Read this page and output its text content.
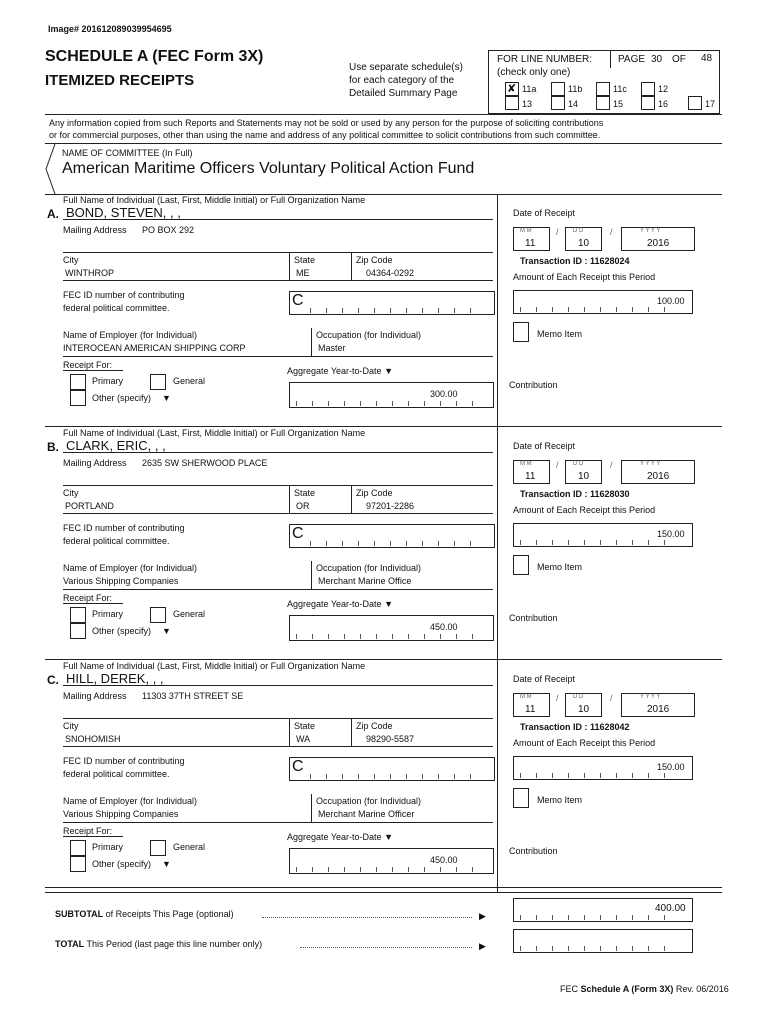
Image# 201612089039954695
SCHEDULE A (FEC Form 3X)
ITEMIZED RECEIPTS
Use separate schedule(s)
for each category of the
Detailed Summary Page
FOR LINE NUMBER:
(check only one)
PAGE 30 OF 48
✘ 11a	11b	11c	12
13	14	15	16	17
Any information copied from such Reports and Statements may not be sold or used by any person for the purpose of soliciting contributions
or for commercial purposes, other than using the name and address of any political committee to solicit contributions from such committee.
NAME OF COMMITTEE (In Full)
American Maritime Officers Voluntary Political Action Fund
Full Name of Individual (Last, First, Middle Initial) or Full Organization Name
A. BOND, STEVEN, , ,
Mailing Address PO BOX 292
City
WINTHROP
State
ME
Zip Code
04364-0292
FEC ID number of contributing
federal political committee.	C
Name of Employer (for Individual)
INTEROCEAN AMERICAN SHIPPING CORP
Occupation (for Individual)
Master
Receipt For:
Primary	General
Other (specify) ▼
Aggregate Year-to-Date ▼
300.00
Date of Receipt
M M
11
/ D D
10
/	Y Y Y Y
2016
Transaction ID : 11628024
Amount of Each Receipt this Period
100.00
Memo Item
Contribution
Full Name of Individual (Last, First, Middle Initial) or Full Organization Name
B. CLARK, ERIC, , ,
Mailing Address 2635 SW SHERWOOD PLACE
City
PORTLAND
State
OR
Zip Code
97201-2286
FEC ID number of contributing
federal political committee.	C
Name of Employer (for Individual)
Various Shipping Companies
Occupation (for Individual)
Merchant Marine Office
Receipt For:
Primary	General
Other (specify) ▼
Aggregate Year-to-Date ▼
450.00
Date of Receipt
M M
11
/ D D
10
/	Y Y Y Y
2016
Transaction ID : 11628030
Amount of Each Receipt this Period
150.00
Memo Item
Contribution
Full Name of Individual (Last, First, Middle Initial) or Full Organization Name
C. HILL, DEREK, , ,
Mailing Address 11303 37TH STREET SE
City
SNOHOMISH
State
WA
Zip Code
98290-5587
FEC ID number of contributing
federal political committee.	C
Name of Employer (for Individual)
Various Shipping Companies
Occupation (for Individual)
Merchant Marine Officer
Receipt For:
Primary	General
Other (specify) ▼
Aggregate Year-to-Date ▼
450.00
Date of Receipt
M M
11
/ D D
10
/	Y Y Y Y
2016
Transaction ID : 11628042
Amount of Each Receipt this Period
150.00
Memo Item
Contribution
SUBTOTAL of Receipts This Page (optional)	▶
400.00
TOTAL This Period (last page this line number only)	▶
FEC Schedule A (Form 3X) Rev. 06/2016
